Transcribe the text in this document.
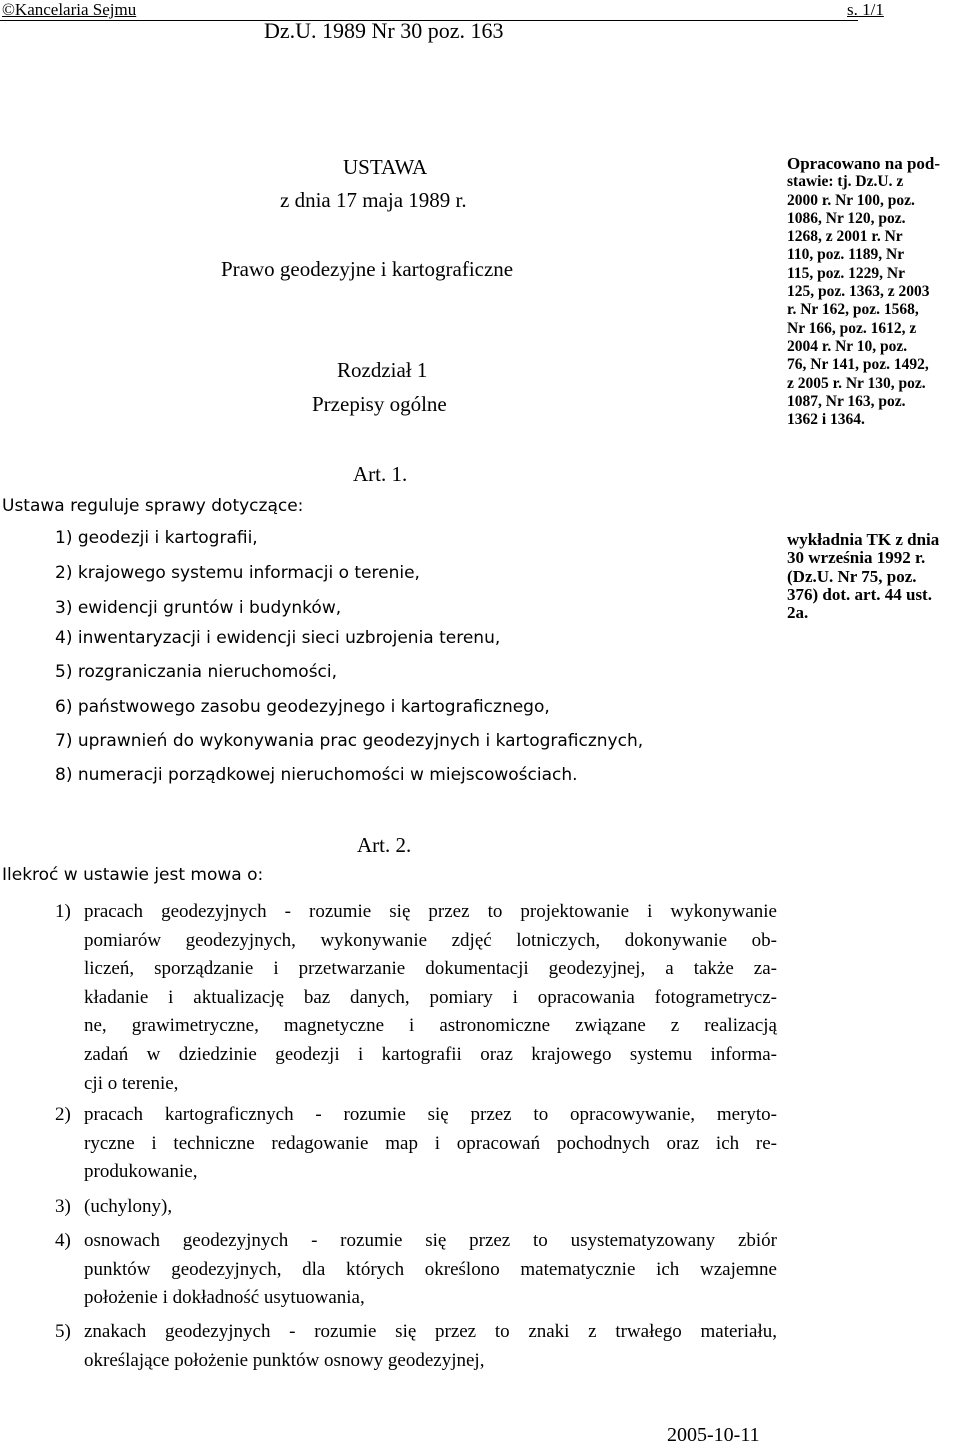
©Kancelaria Sejmu	s. 1/1
Dz.U. 1989 Nr 30 poz. 163
USTAWA
z dnia 17 maja 1989 r.
Prawo geodezyjne i kartograficzne
Rozdział 1
Przepisy ogólne
Art. 1.
Ustawa reguluje sprawy dotyczące:
1) geodezji i kartografii,
2) krajowego systemu informacji o terenie,
3) ewidencji gruntów i budynków,
4) inwentaryzacji i ewidencji sieci uzbrojenia terenu,
5) rozgraniczania nieruchomości,
6) państwowego zasobu geodezyjnego i kartograficznego,
7) uprawnień do wykonywania prac geodezyjnych i kartograficznych,
8) numeracji porządkowej nieruchomości w miejscowościach.
Art. 2.
Ilekroć w ustawie jest mowa o:
1) pracach geodezyjnych - rozumie się przez to projektowanie i wykonywanie
pomiarów geodezyjnych, wykonywanie zdjęć lotniczych, dokonywanie ob-
liczeń, sporządzanie i przetwarzanie dokumentacji geodezyjnej, a także za-
kładanie i aktualizację baz danych, pomiary i opracowania fotogrametrycz-
ne, grawimetryczne, magnetyczne i astronomiczne związane z realizacją
zadań w dziedzinie geodezji i kartografii oraz krajowego systemu informa-
cji o terenie,
2) pracach kartograficznych - rozumie się przez to opracowywanie, meryto-
ryczne i techniczne redagowanie map i opracowań pochodnych oraz ich re-
produkowanie,
3) (uchylony),
4) osnowach geodezyjnych - rozumie się przez to usystematyzowany zbiór
punktów geodezyjnych, dla których określono matematycznie ich wzajemne
położenie i dokładność usytuowania,
5) znakach geodezyjnych - rozumie się przez to znaki z trwałego materiału,
określające położenie punktów osnowy geodezyjnej,
Opracowano na pod-
stawie: tj. Dz.U. z
2000 r. Nr 100, poz.
1086, Nr 120, poz.
1268, z 2001 r. Nr
110, poz. 1189, Nr
115, poz. 1229, Nr
125, poz. 1363, z 2003
r. Nr 162, poz. 1568,
Nr 166, poz. 1612, z
2004 r. Nr 10, poz.
76, Nr 141, poz. 1492,
z 2005 r. Nr 130, poz.
1087, Nr 163, poz.
1362 i 1364.
wykładnia TK z dnia
30 września 1992 r.
(Dz.U. Nr 75, poz.
376) dot. art. 44 ust.
2a.
2005-10-11
